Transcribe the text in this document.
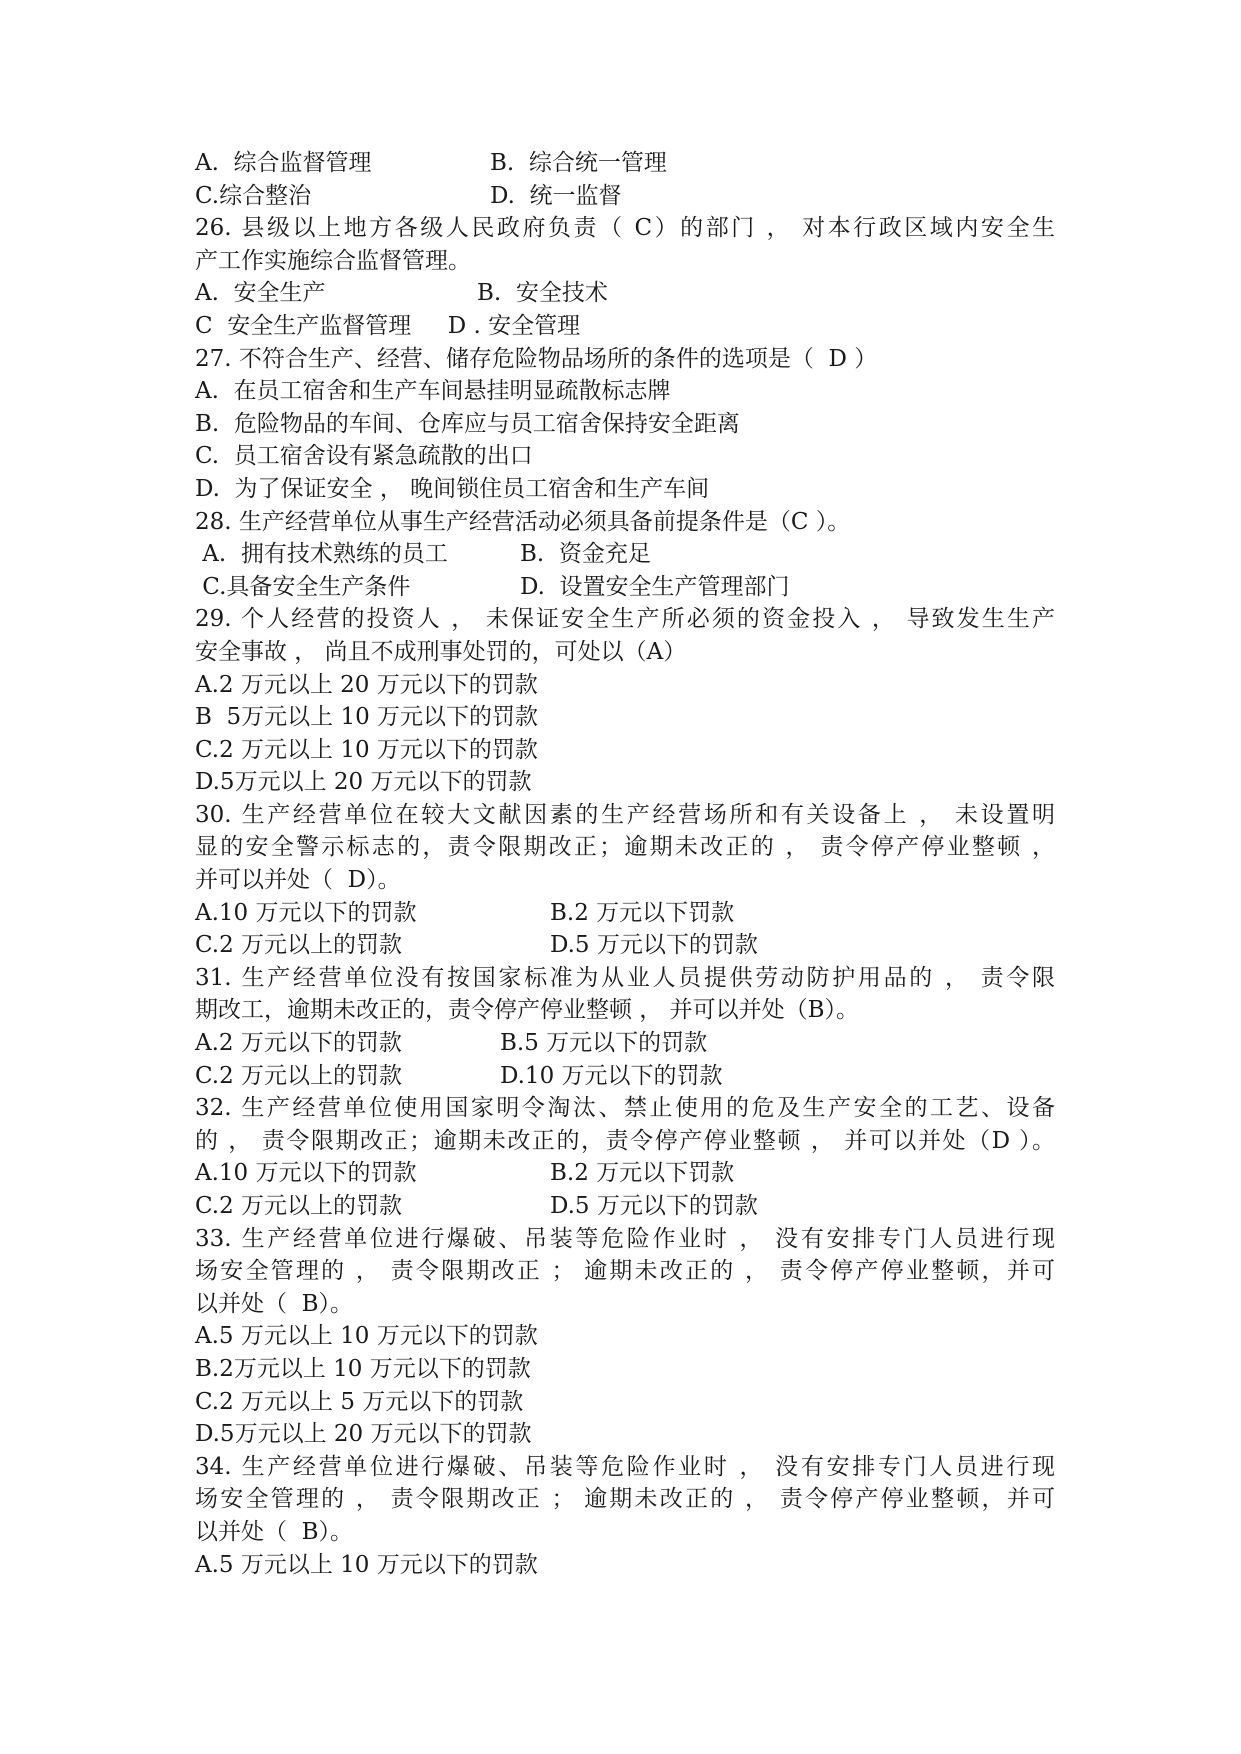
A.  综合监督管理	B.  综合统一管理
C.综合整治	D.  统一监督
26. 县级以上地方各级人民政府负责（ C）的部门 ， 对本行政区域内安全生
产工作实施综合监督管理。
A.  安全生产	B.  安全技术
C  安全生产监督管理     D . 安全管理
27. 不符合生产、经营、储存危险物品场所的条件的选项是（  D ）
A.  在员工宿舍和生产车间悬挂明显疏散标志牌
B.  危险物品的车间、仓库应与员工宿舍保持安全距离
C.  员工宿舍设有紧急疏散的出口
D.  为了保证安全 ， 晚间锁住员工宿舍和生产车间
28. 生产经营单位从事生产经营活动必须具备前提条件是（C ）。
A.  拥有技术熟练的员工	B.  资金充足
C.具备安全生产条件	D.  设置安全生产管理部门
29. 个人经营的投资人 ， 未保证安全生产所必须的资金投入 ， 导致发生生产
安全事故 ， 尚且不成刑事处罚的，可处以（A）
A.2 万元以上 20 万元以下的罚款
B  5万元以上 10 万元以下的罚款
C.2 万元以上 10 万元以下的罚款
D.5万元以上 20 万元以下的罚款
30. 生产经营单位在较大文献因素的生产经营场所和有关设备上 ， 未设置明
显的安全警示标志的，责令限期改正；逾期未改正的 ， 责令停产停业整顿 ，
并可以并处（  D）。
A.10 万元以下的罚款	B.2 万元以下罚款
C.2 万元以上的罚款	D.5 万元以下的罚款
31. 生产经营单位没有按国家标准为从业人员提供劳动防护用品的 ， 责令限
期改工，逾期未改正的，责令停产停业整顿 ， 并可以并处（B）。
A.2 万元以下的罚款	B.5 万元以下的罚款
C.2 万元以上的罚款	D.10 万元以下的罚款
32. 生产经营单位使用国家明令淘汰、禁止使用的危及生产安全的工艺、设备
的 ， 责令限期改正；逾期未改正的，责令停产停业整顿 ， 并可以并处（D ）。
A.10 万元以下的罚款	B.2 万元以下罚款
C.2 万元以上的罚款	D.5 万元以下的罚款
33. 生产经营单位进行爆破、吊装等危险作业时 ， 没有安排专门人员进行现
场安全管理的 ， 责令限期改正 ； 逾期未改正的 ， 责令停产停业整顿，并可
以并处（  B）。
A.5 万元以上 10 万元以下的罚款
B.2万元以上 10 万元以下的罚款
C.2 万元以上 5 万元以下的罚款
D.5万元以上 20 万元以下的罚款
34. 生产经营单位进行爆破、吊装等危险作业时 ， 没有安排专门人员进行现
场安全管理的 ， 责令限期改正 ； 逾期未改正的 ， 责令停产停业整顿，并可
以并处（  B）。
A.5 万元以上 10 万元以下的罚款
